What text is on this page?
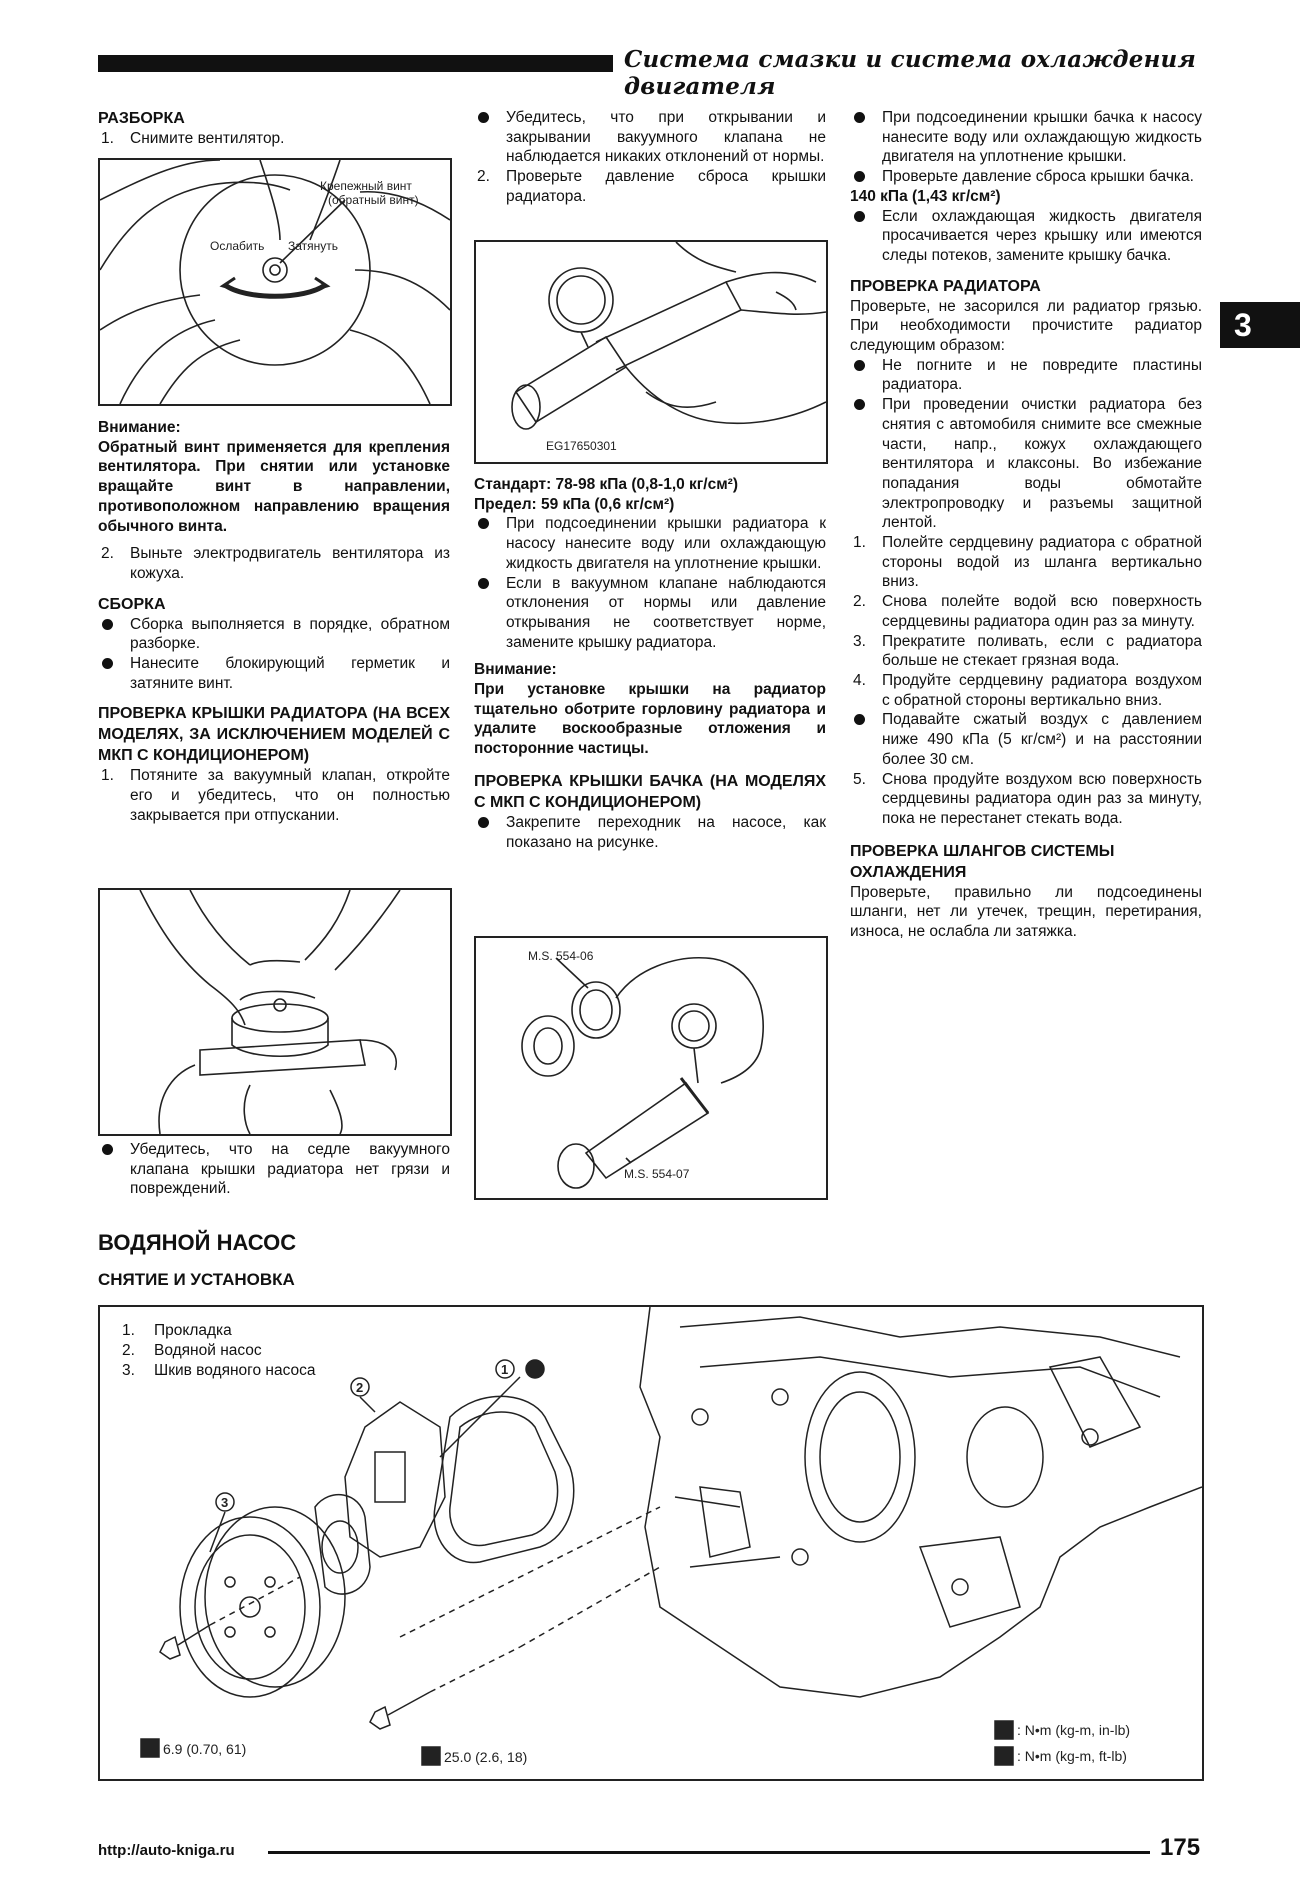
Система смазки и система охлаждения двигателя
3

РАЗБОРКА

1. Снимите вентилятор.
Крепежный винт
(обратный винт)
Ослабить Затянуть

Внимание:

Обратный винт применяется для крепления вентилятора. При снятии или установке вращайте винт в направлении, противоположном направлению вращения обычного винта.

2. Выньте электродвигатель вентилятора из кожуха.

СБОРКА

Сборка выполняется в порядке, обратном разборке.
Нанесите блокирующий герметик и затяните винт.

ПРОВЕРКА КРЫШКИ РАДИАТОРА (НА ВСЕХ МОДЕЛЯХ, ЗА ИСКЛЮЧЕНИЕМ МОДЕЛЕЙ С МКП С КОНДИЦИОНЕРОМ)

1. Потяните за вакуумный клапан, откройте его и убедитесь, что он полностью закрывается при отпускании.
Убедитесь, что на седле вакуумного клапана крышки радиатора нет грязи и повреждений.
Убедитесь, что при открывании и закрывании вакуумного клапана не наблюдается никаких отклонений от нормы.
2. Проверьте давление сброса крышки радиатора.
EG17650301

Стандарт: 78-98 кПа (0,8-1,0 кг/см²)

Предел: 59 кПа (0,6 кг/см²)

При подсоединении крышки радиатора к насосу нанесите воду или охлаждающую жидкость двигателя на уплотнение крышки.
Если в вакуумном клапане наблюдаются отклонения от нормы или давление открывания не соответствует норме, замените крышку радиатора.

Внимание:

При установке крышки на радиатор тщательно оботрите горловину радиатора и удалите воскообразные отложения и посторонние частицы.

ПРОВЕРКА КРЫШКИ БАЧКА (НА МОДЕЛЯХ С МКП С КОНДИЦИОНЕРОМ)

Закрепите переходник на насосе, как показано на рисунке.
M.S. 554-06
M.S. 554-07
При подсоединении крышки бачка к насосу нанесите воду или охлаждающую жидкость двигателя на уплотнение крышки.
Проверьте давление сброса крышки бачка.

140 кПа (1,43 кг/см²)

Если охлаждающая жидкость двигателя просачивается через крышку или имеются следы потеков, замените крышку бачка.

ПРОВЕРКА РАДИАТОРА

Проверьте, не засорился ли радиатор грязью. При необходимости прочистите радиатор следующим образом:

Не погните и не повредите пластины радиатора.
При проведении очистки радиатора без снятия с автомобиля снимите все смежные части, напр., кожух охлаждающего вентилятора и клаксоны. Во избежание попадания воды обмотайте электропроводку и разъемы защитной лентой.
1. Полейте сердцевину радиатора с обратной стороны водой из шланга вертикально вниз.
2. Снова полейте водой всю поверхность сердцевины радиатора один раз за минуту.
3. Прекратите поливать, если с радиатора больше не стекает грязная вода.
4. Продуйте сердцевину радиатора воздухом с обратной стороны вертикально вниз.
Подавайте сжатый воздух с давлением ниже 490 кПа (5 кг/см²) и на расстоянии более 30 см.
5. Снова продуйте воздухом всю поверхность сердцевины радиатора один раз за минуту, пока не перестанет стекать вода.

ПРОВЕРКА ШЛАНГОВ СИСТЕМЫ ОХЛАЖДЕНИЯ

Проверьте, правильно ли подсоединены шланги, нет ли утечек, трещин, перетирания, износа, не ослабла ли затяжка.

ВОДЯНОЙ НАСОС
СНЯТИЕ И УСТАНОВКА
1. Прокладка
2. Водяной насос
3. Шкив водяного насоса	1
2
3
6.9 (0.70, 61)	25.0 (2.6, 18)
: N•m (kg-m, in-lb)
: N•m (kg-m, ft-lb)
http://auto-kniga.ru	175
